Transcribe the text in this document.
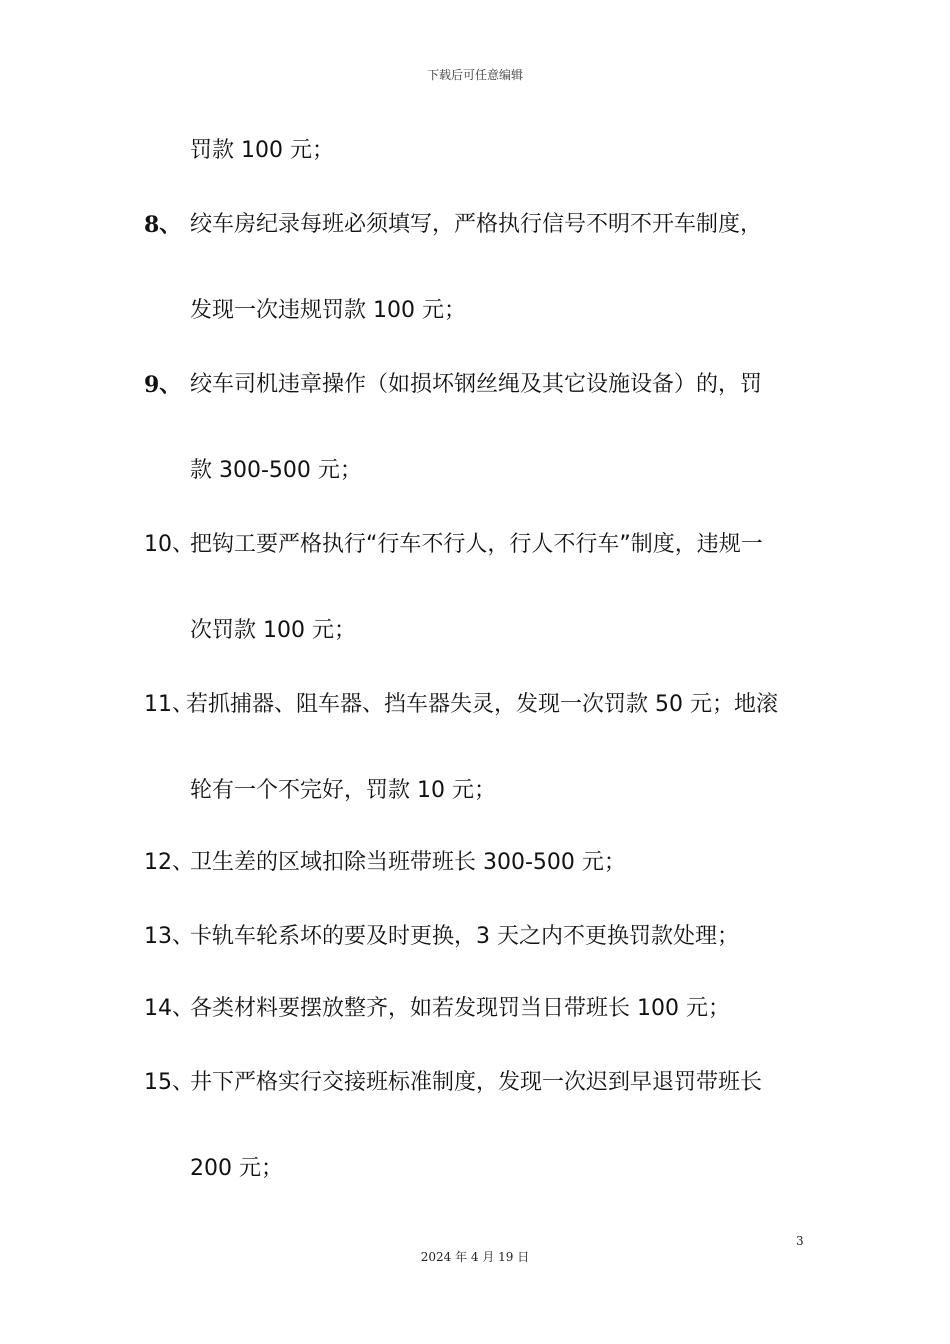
下载后可任意编辑
罚款 100 元；
8、 绞车房纪录每班必须填写，严格执行信号不明不开车制度，
发现一次违规罚款 100 元；
9、 绞车司机违章操作（如损坏钢丝绳及其它设施设备）的，罚
款 300-500 元；
10、
把钩工要严格执行“行车不行人，行人不行车”制度，违规一
次罚款 100 元；
11、
若抓捕器、阻车器、挡车器失灵，发现一次罚款 50 元；地滚
轮有一个不完好，罚款 10 元；
12、
卫生差的区域扣除当班带班长 300-500 元；
13、
卡轨车轮系坏的要及时更换，3 天之内不更换罚款处理；
14、
各类材料要摆放整齐，如若发现罚当日带班长 100 元；
15、
井下严格实行交接班标准制度，发现一次迟到早退罚带班长
200 元；
3
2024 年 4 月 19 日
